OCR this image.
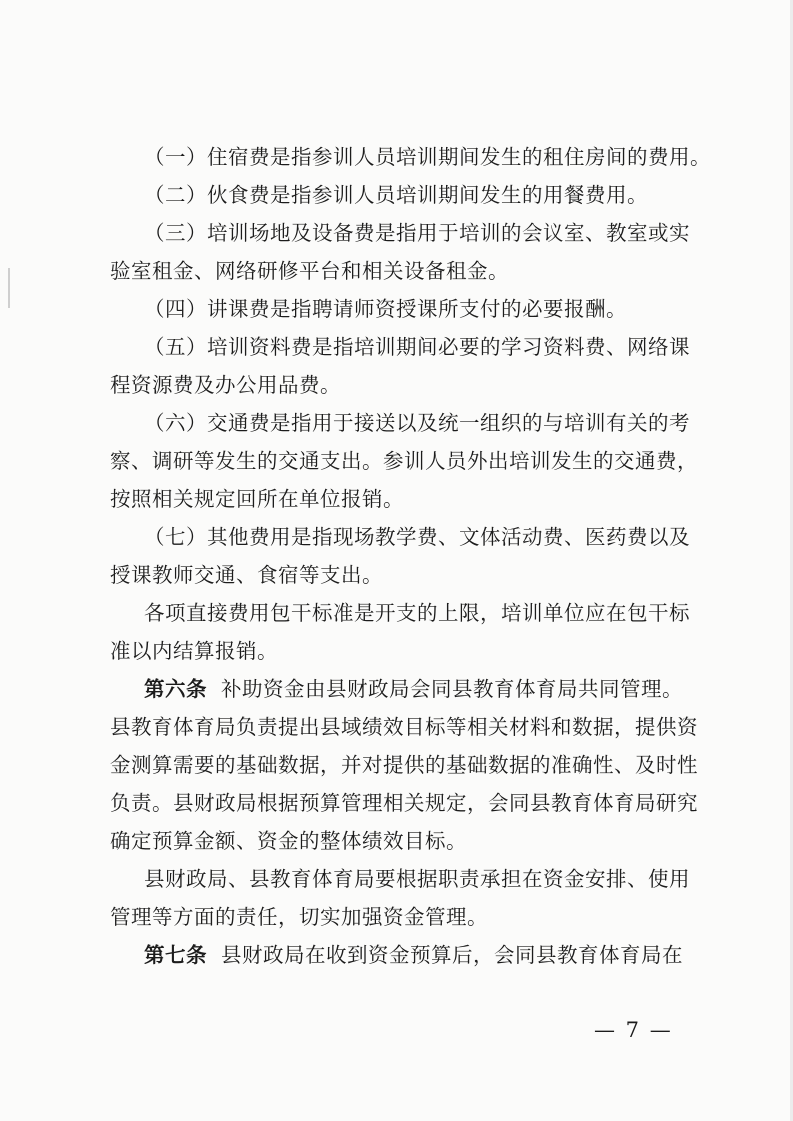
（一）住宿费是指参训人员培训期间发生的租住房间的费用。
（二）伙食费是指参训人员培训期间发生的用餐费用。
（三）培训场地及设备费是指用于培训的会议室、教室或实
验室租金、网络研修平台和相关设备租金。
（四）讲课费是指聘请师资授课所支付的必要报酬。
（五）培训资料费是指培训期间必要的学习资料费、网络课
程资源费及办公用品费。
（六）交通费是指用于接送以及统一组织的与培训有关的考
察、调研等发生的交通支出。参训人员外出培训发生的交通费，
按照相关规定回所在单位报销。
（七）其他费用是指现场教学费、文体活动费、医药费以及
授课教师交通、食宿等支出。
各项直接费用包干标准是开支的上限，培训单位应在包干标
准以内结算报销。
第六条 补助资金由县财政局会同县教育体育局共同管理。
县教育体育局负责提出县域绩效目标等相关材料和数据，提供资
金测算需要的基础数据，并对提供的基础数据的准确性、及时性
负责。县财政局根据预算管理相关规定，会同县教育体育局研究
确定预算金额、资金的整体绩效目标。
县财政局、县教育体育局要根据职责承担在资金安排、使用
管理等方面的责任，切实加强资金管理。
第七条 县财政局在收到资金预算后，会同县教育体育局在
— 7 —
